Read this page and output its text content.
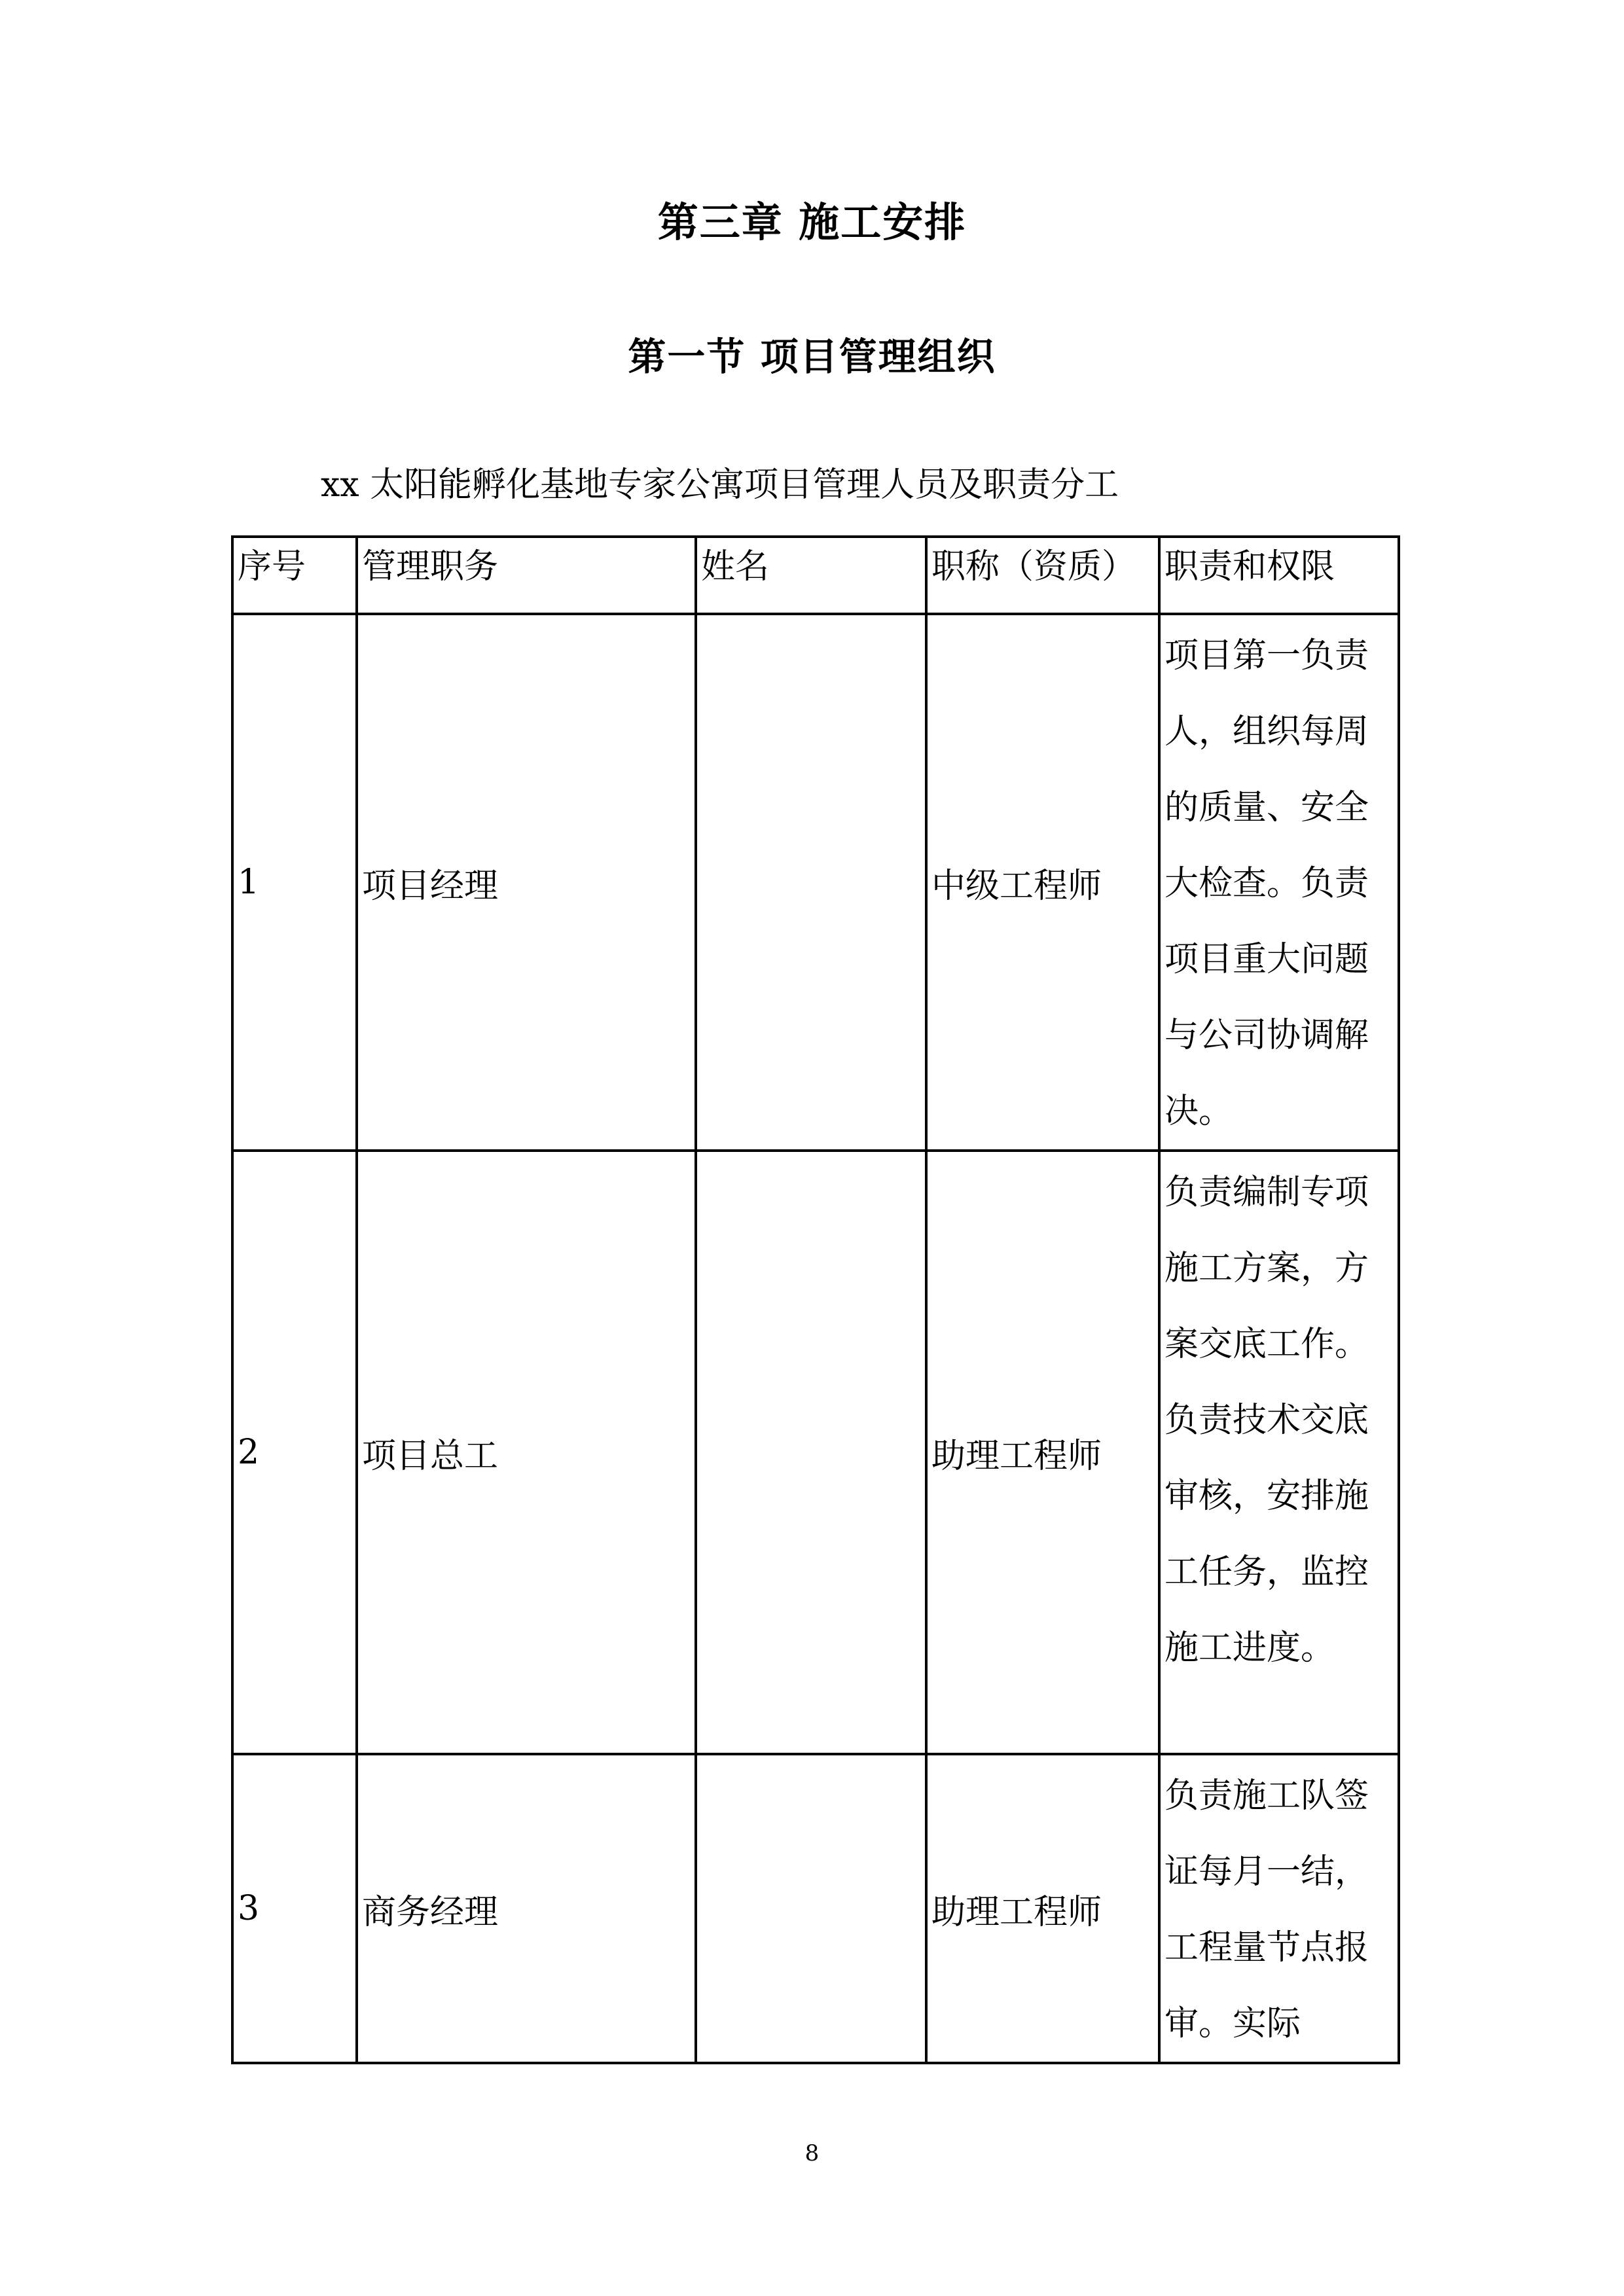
第三章 施工安排
第一节 项目管理组织
xx 太阳能孵化基地专家公寓项目管理人员及职责分工
序号	管理职务	姓名	职称（资质）	职责和权限
1	项目经理		中级工程师	项目第一负责人，组织每周的质量、安全大检查。负责项目重大问题与公司协调解决。
2	项目总工		助理工程师	负责编制专项施工方案，方案交底工作。负责技术交底审核，安排施工任务，监控施工进度。
3	商务经理		助理工程师	负责施工队签证每月一结，工程量节点报审。实际
8
